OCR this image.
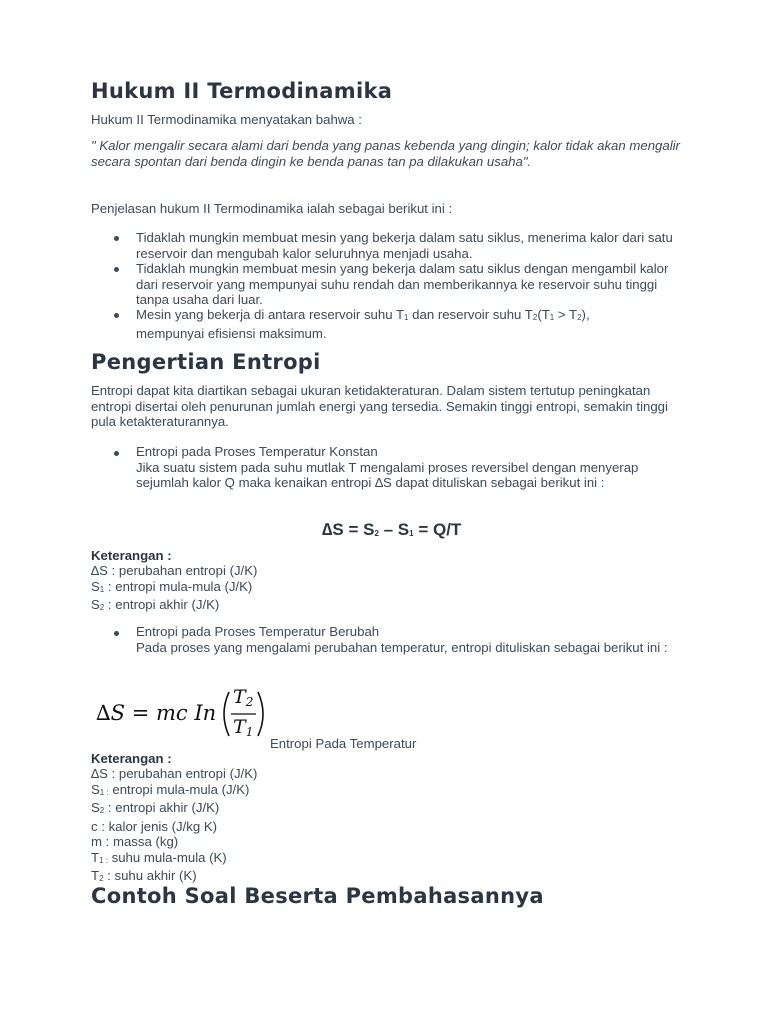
Hukum II Termodinamika

Hukum II Termodinamika menyatakan bahwa :

" Kalor mengalir secara alami dari benda yang panas kebenda yang dingin; kalor tidak akan mengalir secara spontan dari benda dingin ke benda panas tan pa dilakukan usaha".

Penjelasan hukum II Termodinamika ialah sebagai berikut ini :

Tidaklah mungkin membuat mesin yang bekerja dalam satu siklus, menerima kalor dari satu reservoir dan mengubah kalor seluruhnya menjadi usaha.

Tidaklah mungkin membuat mesin yang bekerja dalam satu siklus dengan mengambil kalor dari reservoir yang mempunyai suhu rendah dan memberikannya ke reservoir suhu tinggi tanpa usaha dari luar.

Mesin yang bekerja di antara reservoir suhu $T_1$ dan reservoir suhu $T_2(T_1 > T_2)$,
mempunyai efisiensi maksimum.

Pengertian Entropi

Entropi dapat kita diartikan sebagai ukuran ketidakteraturan. Dalam sistem tertutup peningkatan entropi disertai oleh penurunan jumlah energi yang tersedia. Semakin tinggi entropi, semakin tinggi pula ketakteraturannya.

Entropi pada Proses Temperatur Konstan
Jika suatu sistem pada suhu mutlak T mengalami proses reversibel dengan menyerap sejumlah kalor Q maka kenaikan entropi ∆S dapat dituliskan sebagai berikut ini :

$\Delta S = S_2 - S_1 = Q/T$
Keterangan :
∆S : perubahan entropi (J/K)
$S_1$ : entropi mula-mula (J/K)
$S_2$ : entropi akhir (J/K)

Entropi pada Proses Temperatur Berubah
Pada proses yang mengalami perubahan temperatur, entropi dituliskan sebagai berikut ini :

∆S = mc In
$T_2$
$T_1$
Entropi Pada Temperatur
Keterangan :
∆S : perubahan entropi (J/K)
$S_{1 :}$ entropi mula-mula (J/K)
$S_2$ : entropi akhir (J/K)
c : kalor jenis (J/kg K)
m : massa (kg)
$T_{1 :}$ suhu mula-mula (K)
$T_2$ : suhu akhir (K)
Contoh Soal Beserta Pembahasannya
